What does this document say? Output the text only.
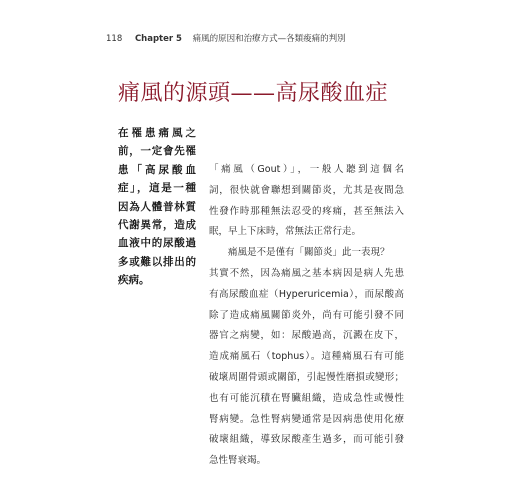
118 Chapter 5 痛風的原因和治療方式—各類痠痛的判別
痛風的源頭——高尿酸血症
在罹患痛風之
前，一定會先罹
患「高尿酸血
症」，這是一種
因為人體普林質
代謝異常，造成
血液中的尿酸過
多或難以排出的
疾病。
「痛風（Gout）」，一般人聽到這個名
詞，很快就會聯想到關節炎，尤其是夜間急
性發作時那種無法忍受的疼痛，甚至無法入
眠，早上下床時，常無法正常行走。
痛風是不是僅有「關節炎」此一表現？
其實不然，因為痛風之基本病因是病人先患
有高尿酸血症（Hyperuricemia），而尿酸高
除了造成痛風關節炎外，尚有可能引發不同
器官之病變，如：尿酸過高，沉澱在皮下，
造成痛風石（tophus）。這種痛風石有可能
破壞周圍骨頭或關節，引起慢性磨損或變形；
也有可能沉積在腎臟組織，造成急性或慢性
腎病變。急性腎病變通常是因病患使用化療
破壞組織，導致尿酸產生過多，而可能引發
急性腎衰竭。
